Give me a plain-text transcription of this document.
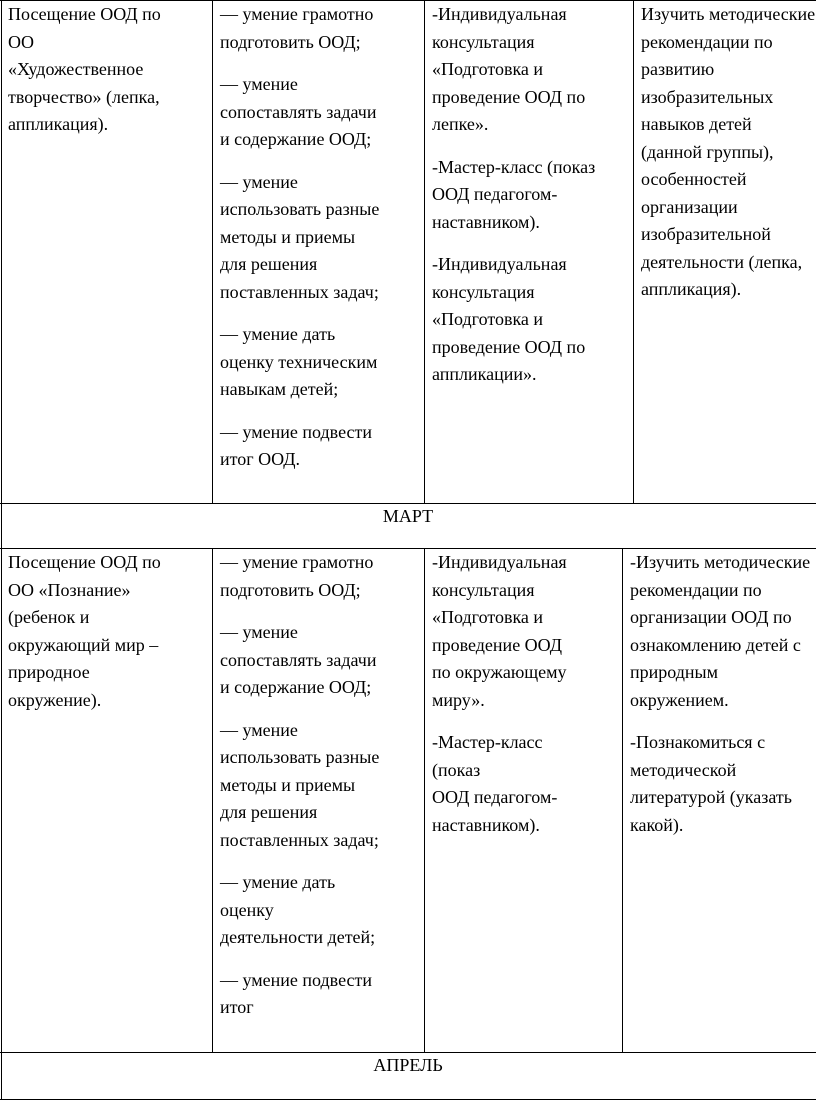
Посещение ООД по

ОО

«Художественное

творчество» (лепка,

аппликация).

— умение грамотно

подготовить ООД;

— умение

сопоставлять задачи

и содержание ООД;

— умение

использовать разные

методы и приемы

для решения

поставленных задач;

— умение дать

оценку техническим

навыкам детей;

— умение подвести

итог ООД.

-Индивидуальная

консультация

«Подготовка и

проведение ООД по

лепке».

-Мастер-класс (показ

ООД педагогом-

наставником).

-Индивидуальная

консультация

«Подготовка и

проведение ООД по

аппликации».

Изучить методические

рекомендации по

развитию

изобразительных

навыков детей

(данной группы),

особенностей

организации

изобразительной

деятельности (лепка,

аппликация).

МАРТ

Посещение ООД по

ОО «Познание»

(ребенок и

окружающий мир –

природное

окружение).

— умение грамотно

подготовить ООД;

— умение

сопоставлять задачи

и содержание ООД;

— умение

использовать разные

методы и приемы

для решения

поставленных задач;

— умение дать

оценку

деятельности детей;

— умение подвести

итог

-Индивидуальная

консультация

«Подготовка и

проведение ООД

по окружающему

миру».

-Мастер-класс

(показ

ООД педагогом-

наставником).

-Изучить методические

рекомендации по

организации ООД по

ознакомлению детей с

природным

окружением.

-Познакомиться с

методической

литературой (указать

какой).

АПРЕЛЬ
